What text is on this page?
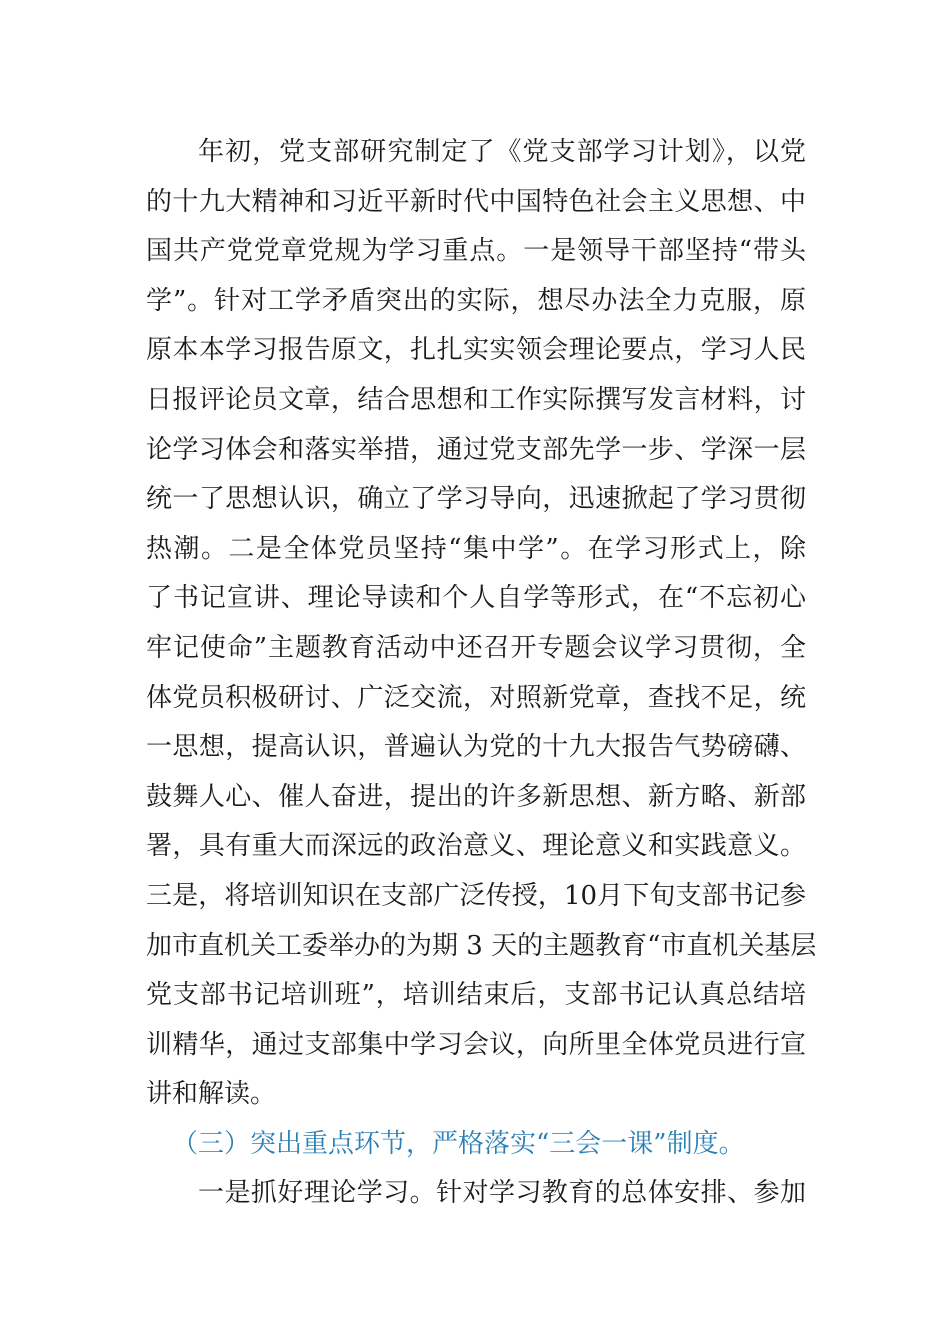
年初，党支部研究制定了《党支部学习计划》，以党
的十九大精神和习近平新时代中国特色社会主义思想、中
国共产党党章党规为学习重点。一是领导干部坚持“带头
学”。针对工学矛盾突出的实际，想尽办法全力克服，原
原本本学习报告原文，扎扎实实领会理论要点，学习人民
日报评论员文章，结合思想和工作实际撰写发言材料，讨
论学习体会和落实举措，通过党支部先学一步、学深一层
统一了思想认识，确立了学习导向，迅速掀起了学习贯彻
热潮。二是全体党员坚持“集中学”。在学习形式上，除
了书记宣讲、理论导读和个人自学等形式，在“不忘初心
牢记使命”主题教育活动中还召开专题会议学习贯彻，全
体党员积极研讨、广泛交流，对照新党章，查找不足，统
一思想，提高认识，普遍认为党的十九大报告气势磅礴、
鼓舞人心、催人奋进，提出的许多新思想、新方略、新部
署，具有重大而深远的政治意义、理论意义和实践意义。
三是，将培训知识在支部广泛传授，10月下旬支部书记参
加市直机关工委举办的为期 3 天的主题教育“市直机关基层
党支部书记培训班”，培训结束后，支部书记认真总结培
训精华，通过支部集中学习会议，向所里全体党员进行宣
讲和解读。
（三）突出重点环节，严格落实“三会一课”制度。
一是抓好理论学习。针对学习教育的总体安排、参加
